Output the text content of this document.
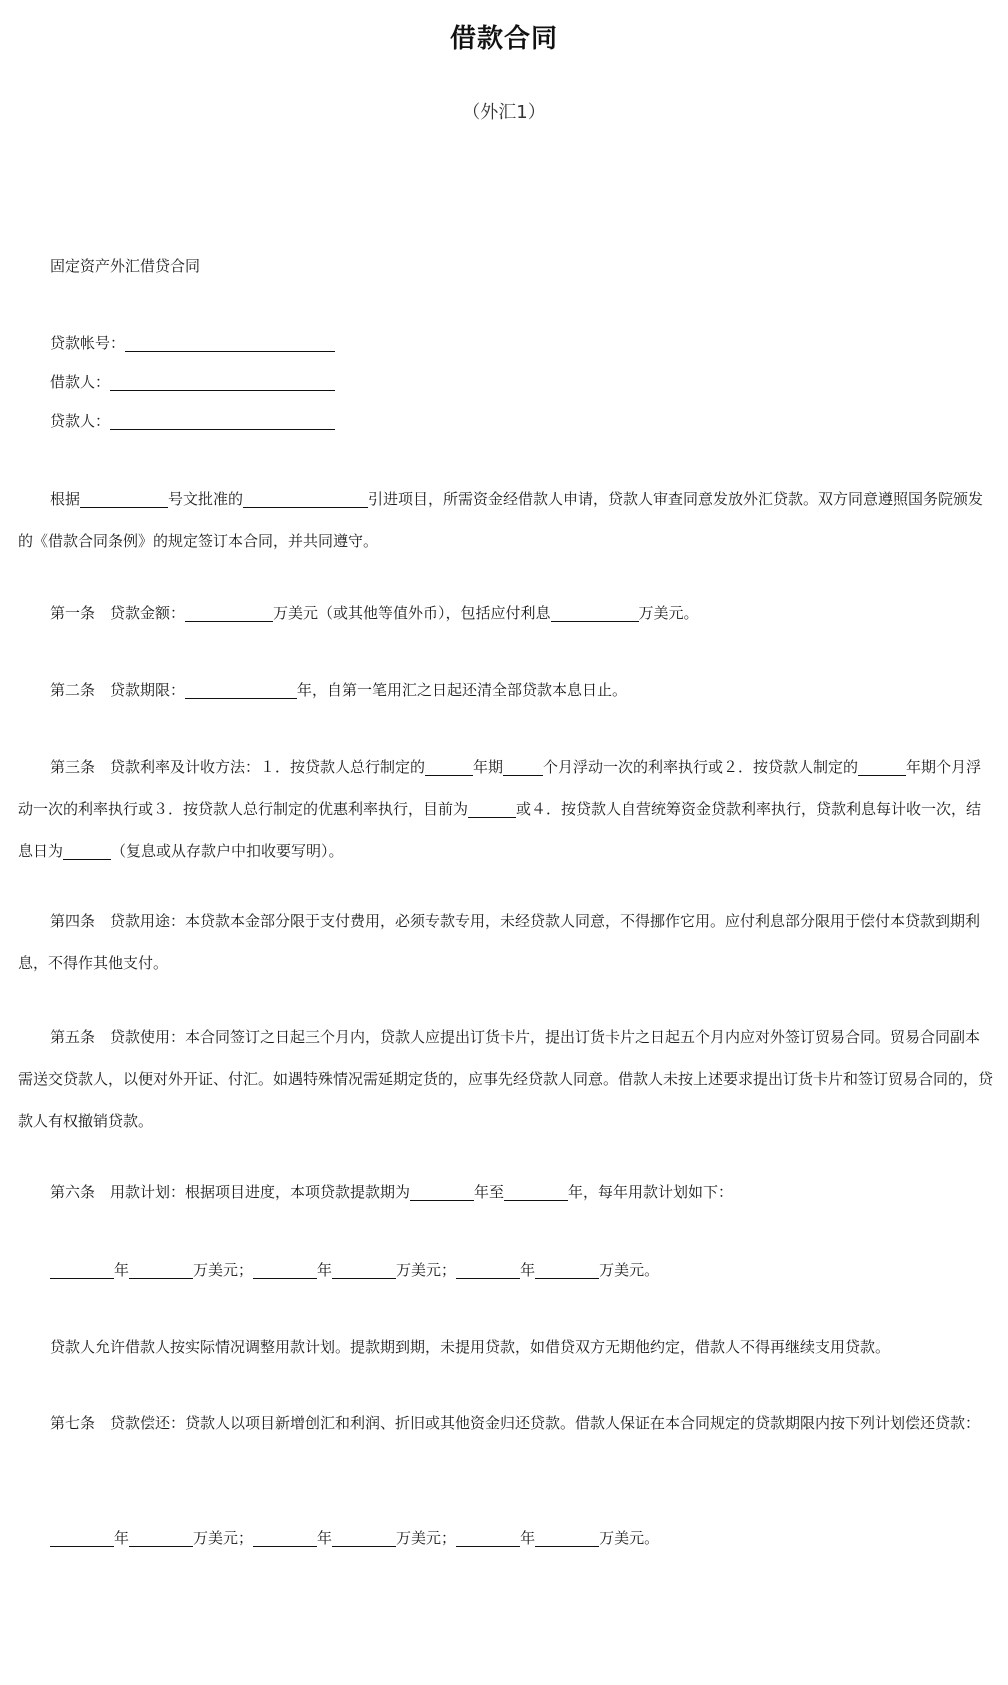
借款合同
（外汇1）
固定资产外汇借贷合同
贷款帐号：
借款人：
贷款人：
根据	号文批准的	引进项目，所需资金经借款人申请，贷款人审查同意发放外汇贷款。双方同意遵照国务院颁发的《借款合同条例》的规定签订本合同，并共同遵守。
第一条　贷款金额：	万美元（或其他等值外币），包括应付利息	万美元。
第二条　贷款期限：	年，自第一笔用汇之日起还清全部贷款本息日止。
第三条　贷款利率及计收方法：１．按贷款人总行制定的	年期	个月浮动一次的利率执行或２．按贷款人制定的	年期个月浮动一次的利率执行或３．按贷款人总行制定的优惠利率执行，目前为	或４．按贷款人自营统筹资金贷款利率执行，贷款利息每计收一次，结息日为	（复息或从存款户中扣收要写明）。
第四条　贷款用途：本贷款本金部分限于支付费用，必须专款专用，未经贷款人同意，不得挪作它用。应付利息部分限用于偿付本贷款到期利息，不得作其他支付。
第五条　贷款使用：本合同签订之日起三个月内，贷款人应提出订货卡片，提出订货卡片之日起五个月内应对外签订贸易合同。贸易合同副本需送交贷款人，以便对外开证、付汇。如遇特殊情况需延期定货的，应事先经贷款人同意。借款人未按上述要求提出订货卡片和签订贸易合同的，贷款人有权撤销贷款。
第六条　用款计划：根据项目进度，本项贷款提款期为	年至	年，每年用款计划如下：
年	万美元；	年	万美元；	年	万美元。
贷款人允许借款人按实际情况调整用款计划。提款期到期，未提用贷款，如借贷双方无期他约定，借款人不得再继续支用贷款。
第七条　贷款偿还：贷款人以项目新增创汇和利润、折旧或其他资金归还贷款。借款人保证在本合同规定的贷款期限内按下列计划偿还贷款：
年	万美元；	年	万美元；	年	万美元。
